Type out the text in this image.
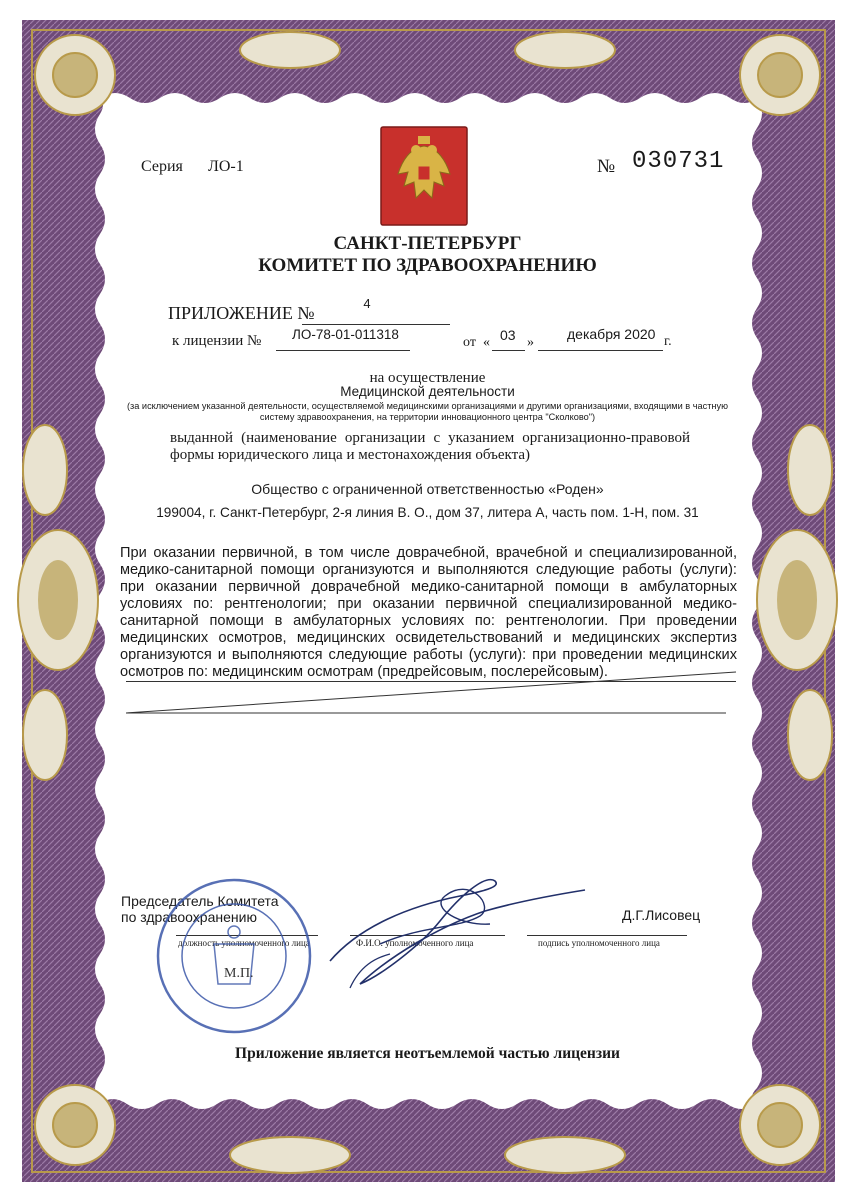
Серия ЛО-1	№ 030731
САНКТ-ПЕТЕРБУРГ
КОМИТЕТ ПО ЗДРАВООХРАНЕНИЮ
ПРИЛОЖЕНИЕ №	4
к лицензии № ЛО-78-01-011318
от « 03 »
декабря 2020 г.
на осуществление
Медицинской деятельности
(за исключением указанной деятельности, осуществляемой медицинскими организациями и другими организациями, входящими в частную систему здравоохранения, на территории инновационного центра "Сколково")
выданной (наименование организации с указанием организационно-правовой формы юридического лица и местонахождения объекта)
Общество с ограниченной ответственностью «Роден»
199004, г. Санкт-Петербург, 2-я линия В. О., дом 37, литера А, часть пом. 1-Н, пом. 31
При оказании первичной, в том числе доврачебной, врачебной и специализированной, медико-санитарной помощи организуются и выполняются следующие работы (услуги): при оказании первичной доврачебной медико-санитарной помощи в амбулаторных условиях по: рентгенологии; при оказании первичной специализированной медико-санитарной помощи в амбулаторных условиях по: рентгенологии. При проведении медицинских осмотров, медицинских освидетельствований и медицинских экспертиз организуются и выполняются следующие работы (услуги): при проведении медицинских осмотров по: медицинским осмотрам (предрейсовым, послерейсовым).
Председатель Комитета
по здравоохранению	Д.Г.Лисовец
должность уполномоченного лица	Ф.И.О. уполномоченного лица	подпись уполномоченного лица
М.П.
Приложение является неотъемлемой частью лицензии
